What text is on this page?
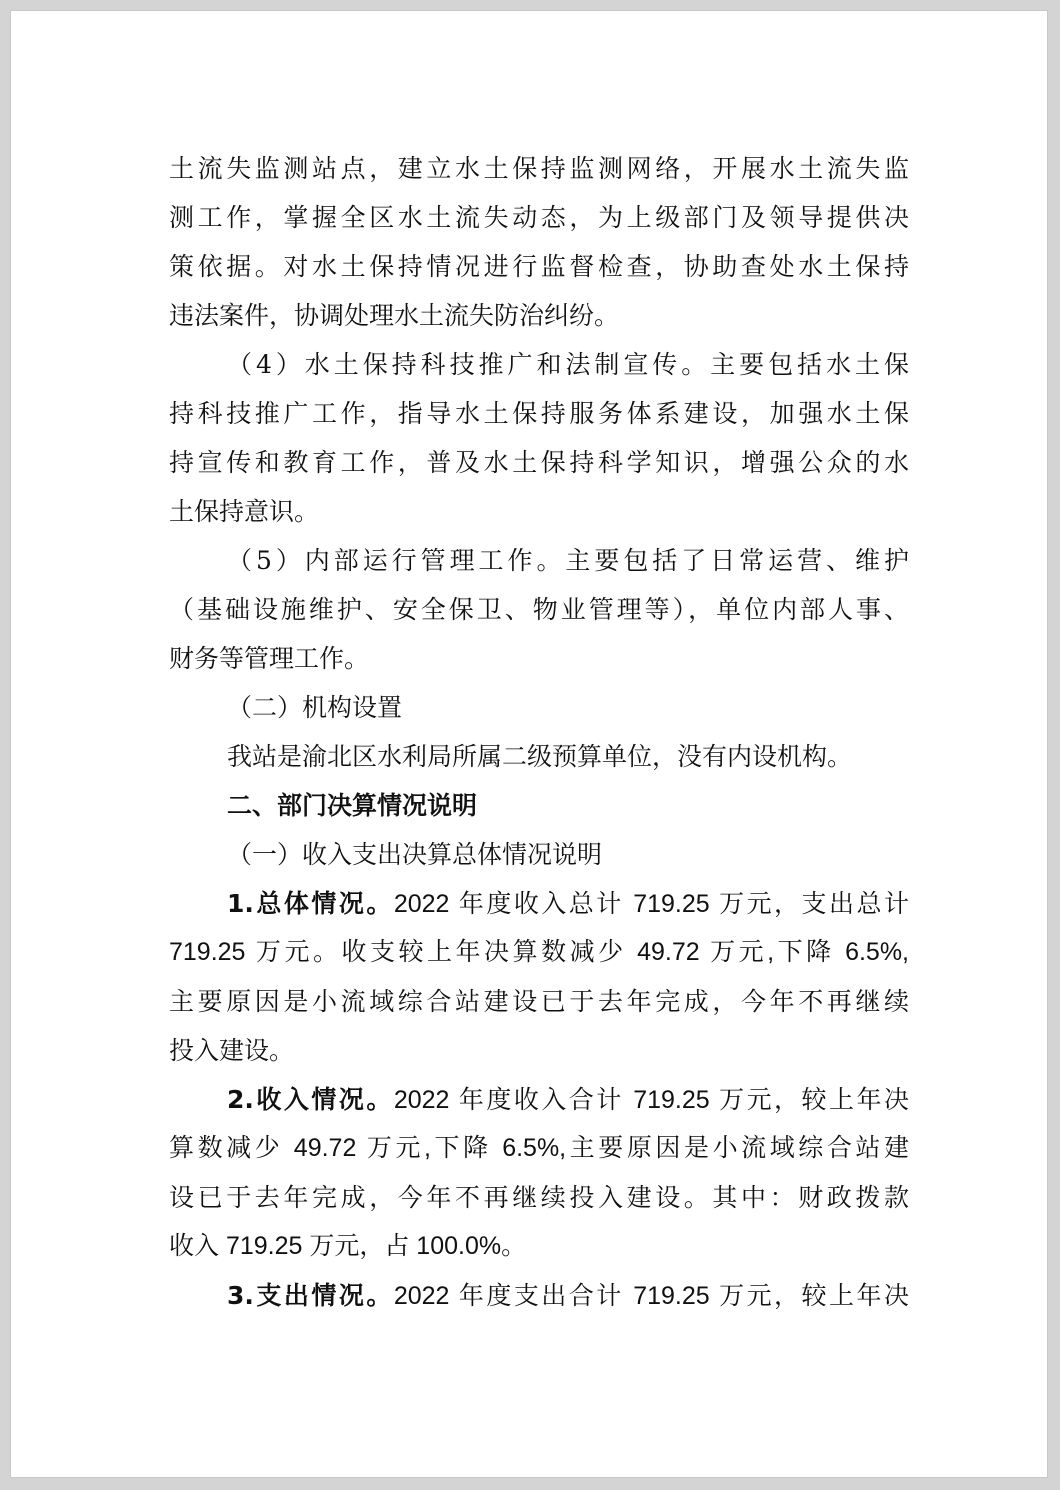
土流失监测站点，建立水土保持监测网络，开展水土流失监
测工作，掌握全区水土流失动态，为上级部门及领导提供决
策依据。对水土保持情况进行监督检查，协助查处水土保持
违法案件，协调处理水土流失防治纠纷。
（4）水土保持科技推广和法制宣传。主要包括水土保
持科技推广工作，指导水土保持服务体系建设，加强水土保
持宣传和教育工作，普及水土保持科学知识，增强公众的水
土保持意识。
（5）内部运行管理工作。主要包括了日常运营、维护
（基础设施维护、安全保卫、物业管理等），单位内部人事、
财务等管理工作。
（二）机构设置
我站是渝北区水利局所属二级预算单位，没有内设机构。
二、部门决算情况说明
（一）收入支出决算总体情况说明
1.总体情况。2022 年度收入总计 719.25 万元，支出总计
719.25 万元。收支较上年决算数减少 49.72 万元,下降 6.5%,
主要原因是小流域综合站建设已于去年完成，今年不再继续
投入建设。
2.收入情况。2022 年度收入合计 719.25 万元，较上年决
算数减少 49.72 万元,下降 6.5%,主要原因是小流域综合站建
设已于去年完成，今年不再继续投入建设。其中：财政拨款
收入 719.25 万元，占 100.0%。
3.支出情况。2022 年度支出合计 719.25 万元，较上年决
